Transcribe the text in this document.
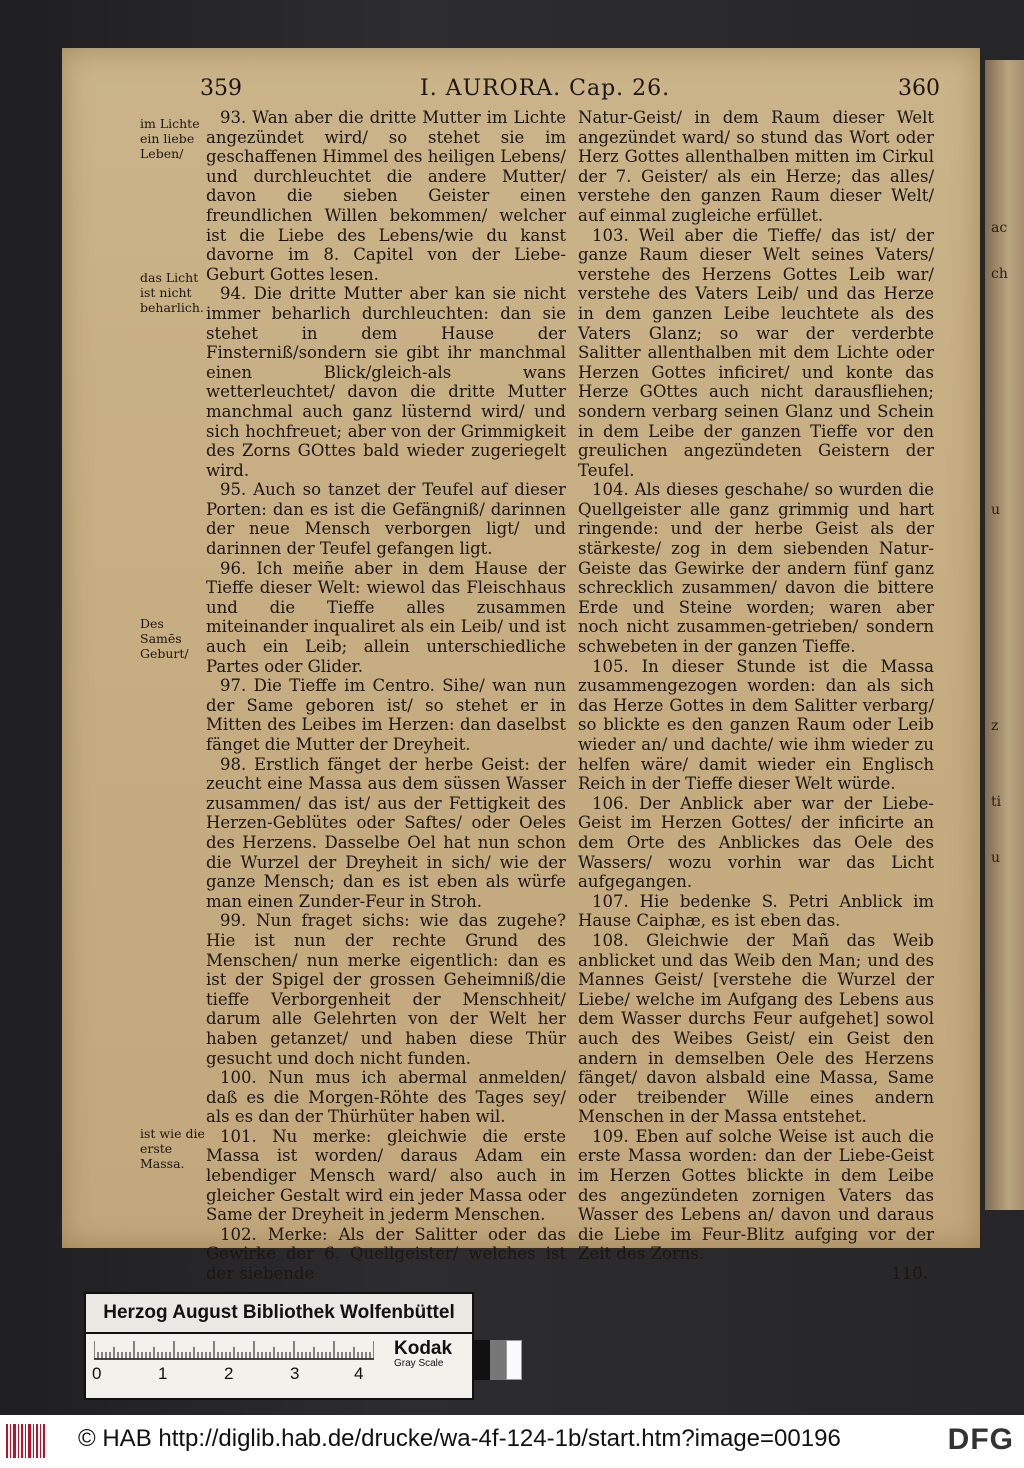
ac
ch
u
z
ti
u
359	I. AURORA. Cap. 26.	360
im Lichte ein liebe Leben/
das Licht ist nicht beharlich.
Des Samēs Geburt/
ist wie die erste Massa.

93. Wan aber die dritte Mutter im Lichte angezündet wird/ so stehet sie im geschaffenen Himmel des heiligen Lebens/ und durchleuchtet die andere Mutter/ davon die sieben Geister einen freundlichen Willen bekommen/ welcher ist die Liebe des Lebens/wie du kanst davorne im 8. Capitel von der Liebe-Geburt Gottes lesen.

94. Die dritte Mutter aber kan sie nicht immer beharlich durchleuchten: dan sie stehet in dem Hause der Finsterniß/sondern sie gibt ihr manchmal einen Blick/gleich-als wans wetterleuchtet/ davon die dritte Mutter manchmal auch ganz lüsternd wird/ und sich hochfreuet; aber von der Grimmigkeit des Zorns GOttes bald wieder zugeriegelt wird.

95. Auch so tanzet der Teufel auf dieser Porten: dan es ist die Gefängniß/ darinnen der neue Mensch verborgen ligt/ und darinnen der Teufel gefangen ligt.

96. Ich meiñe aber in dem Hause der Tieffe dieser Welt: wiewol das Fleischhaus und die Tieffe alles zusammen miteinander inqualiret als ein Leib/ und ist auch ein Leib; allein unterschiedliche Partes oder Glider.

97. Die Tieffe im Centro. Sihe/ wan nun der Same geboren ist/ so stehet er in Mitten des Leibes im Herzen: dan daselbst fänget die Mutter der Dreyheit.

98. Erstlich fänget der herbe Geist: der zeucht eine Massa aus dem süssen Wasser zusammen/ das ist/ aus der Fettigkeit des Herzen-Geblütes oder Saftes/ oder Oeles des Herzens. Dasselbe Oel hat nun schon die Wurzel der Dreyheit in sich/ wie der ganze Mensch; dan es ist eben als würfe man einen Zunder-Feur in Stroh.

99. Nun fraget sichs: wie das zugehe? Hie ist nun der rechte Grund des Menschen/ nun merke eigentlich: dan es ist der Spigel der grossen Geheimniß/die tieffe Verborgenheit der Menschheit/ darum alle Gelehrten von der Welt her haben getanzet/ und haben diese Thür gesucht und doch nicht funden.

100. Nun mus ich abermal anmelden/ daß es die Morgen-Röhte des Tages sey/ als es dan der Thürhüter haben wil.

101. Nu merke: gleichwie die erste Massa ist worden/ daraus Adam ein lebendiger Mensch ward/ also auch in gleicher Gestalt wird ein jeder Massa oder Same der Dreyheit in jederm Menschen.

102. Merke: Als der Salitter oder das Gewirke der 6. Quellgeister/ welches ist der siebende

Natur-Geist/ in dem Raum dieser Welt angezündet ward/ so stund das Wort oder Herz Gottes allenthalben mitten im Cirkul der 7. Geister/ als ein Herze; das alles/ verstehe den ganzen Raum dieser Welt/ auf einmal zugleiche erfüllet.

103. Weil aber die Tieffe/ das ist/ der ganze Raum dieser Welt seines Vaters/ verstehe des Herzens Gottes Leib war/ verstehe des Vaters Leib/ und das Herze in dem ganzen Leibe leuchtete als des Vaters Glanz; so war der verderbte Salitter allenthalben mit dem Lichte oder Herzen Gottes inficiret/ und konte das Herze GOttes auch nicht darausfliehen; sondern verbarg seinen Glanz und Schein in dem Leibe der ganzen Tieffe vor den greulichen angezündeten Geistern der Teufel.

104. Als dieses geschahe/ so wurden die Quellgeister alle ganz grimmig und hart ringende: und der herbe Geist als der stärkeste/ zog in dem siebenden Natur-Geiste das Gewirke der andern fünf ganz schrecklich zusammen/ davon die bittere Erde und Steine worden; waren aber noch nicht zusammen-getrieben/ sondern schwebeten in der ganzen Tieffe.

105. In dieser Stunde ist die Massa zusammengezogen worden: dan als sich das Herze Gottes in dem Salitter verbarg/ so blickte es den ganzen Raum oder Leib wieder an/ und dachte/ wie ihm wieder zu helfen wäre/ damit wieder ein Englisch Reich in der Tieffe dieser Welt würde.

106. Der Anblick aber war der Liebe-Geist im Herzen Gottes/ der inficirte an dem Orte des Anblickes das Oele des Wassers/ wozu vorhin war das Licht aufgegangen.

107. Hie bedenke S. Petri Anblick im Hause Caiphæ, es ist eben das.

108. Gleichwie der Mañ das Weib anblicket und das Weib den Man; und des Mannes Geist/ [verstehe die Wurzel der Liebe/ welche im Aufgang des Lebens aus dem Wasser durchs Feur aufgehet] sowol auch des Weibes Geist/ ein Geist den andern in demselben Oele des Herzens fänget/ davon alsbald eine Massa, Same oder treibender Wille eines andern Menschen in der Massa entstehet.

109. Eben auf solche Weise ist auch die erste Massa worden: dan der Liebe-Geist im Herzen Gottes blickte in dem Leibe des angezündeten zornigen Vaters das Wasser des Lebens an/ davon und daraus die Liebe im Feur-Blitz aufging vor der Zeit des Zorns.

110.

Herzog August Bibliothek Wolfenbüttel
0	1	2	3	4
Kodak
Gray Scale
© HAB http://diglib.hab.de/drucke/wa-4f-124-1b/start.htm?image=00196	DFG
